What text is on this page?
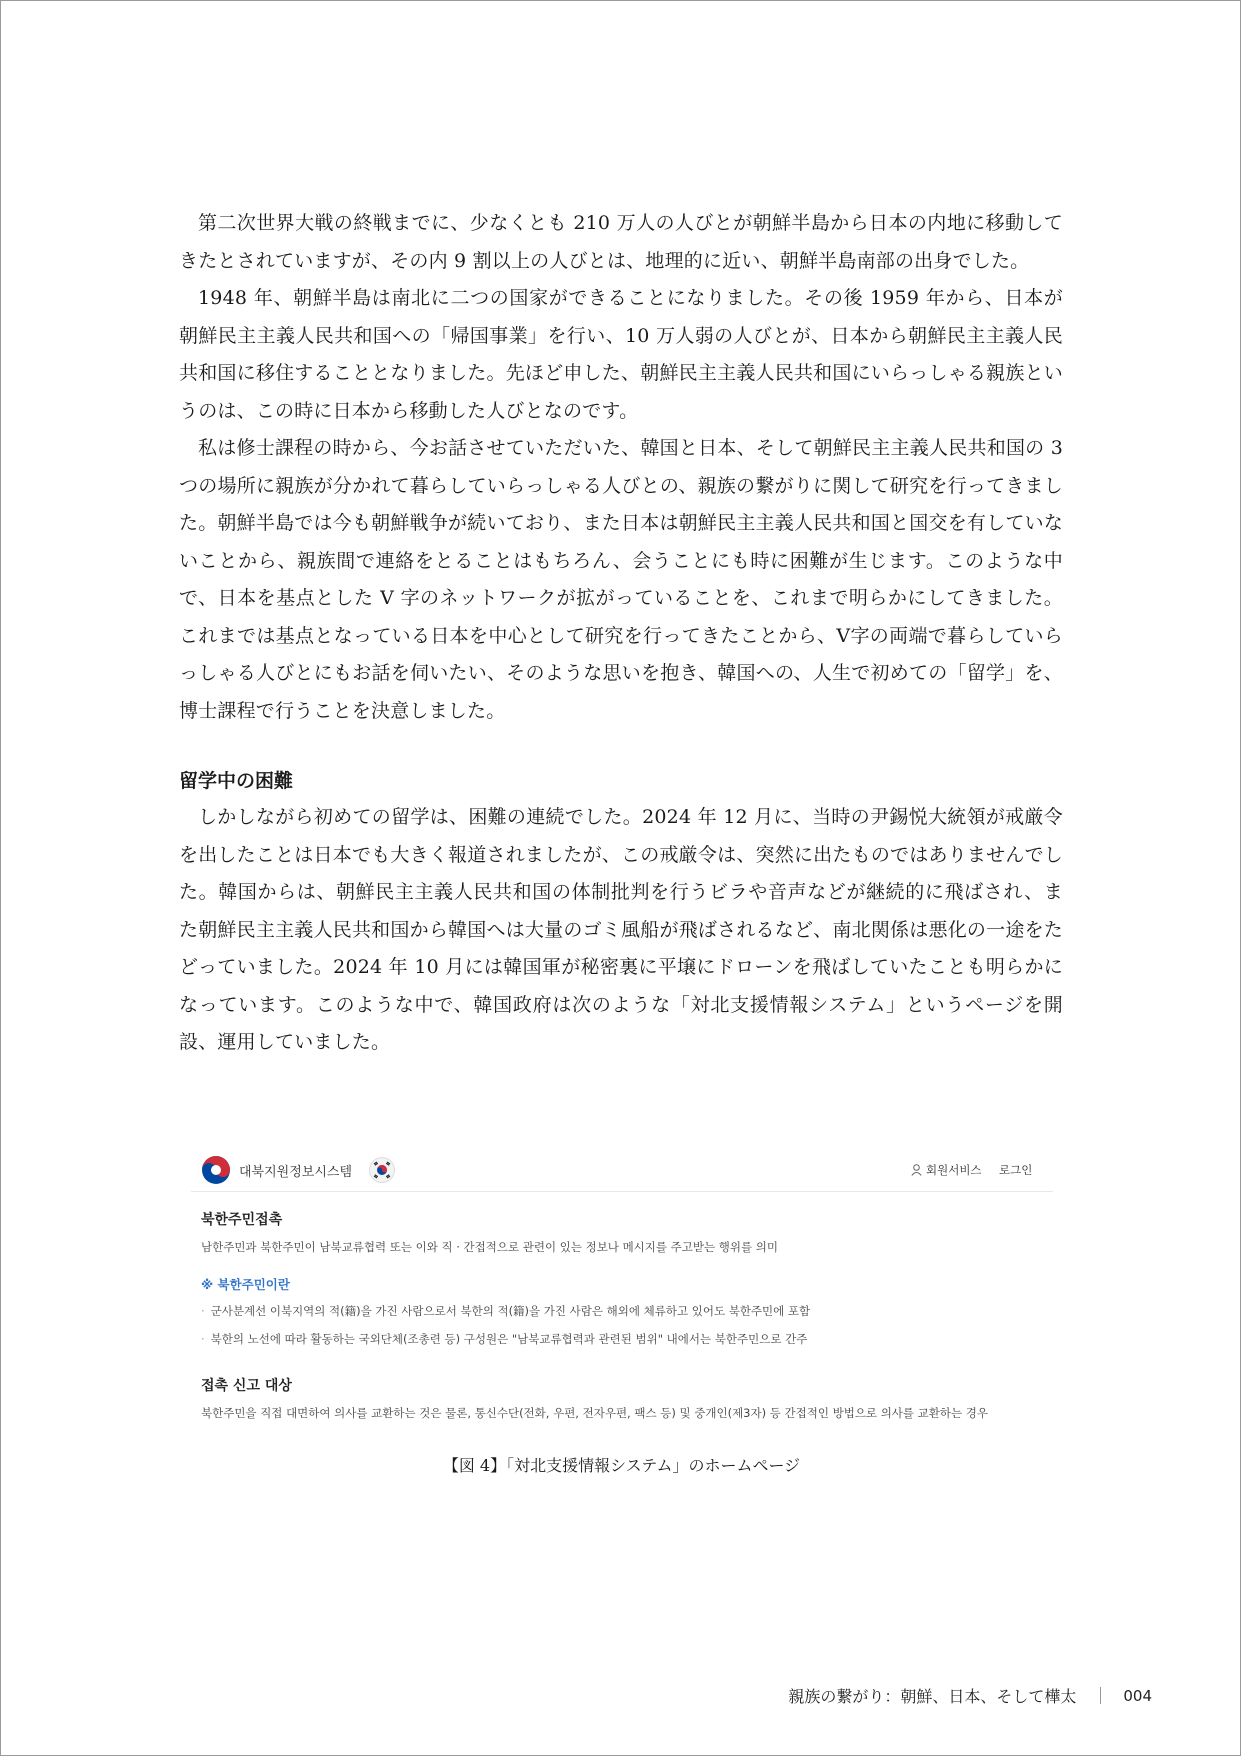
第二次世界大戦の終戦までに、少なくとも 210 万人の人びとが朝鮮半島から日本の内地に移動してきたとされていますが、その内 9 割以上の人びとは、地理的に近い、朝鮮半島南部の出身でした。

1948 年、朝鮮半島は南北に二つの国家ができることになりました。その後 1959 年から、日本が朝鮮民主主義人民共和国への「帰国事業」を行い、10 万人弱の人びとが、日本から朝鮮民主主義人民共和国に移住することとなりました。先ほど申した、朝鮮民主主義人民共和国にいらっしゃる親族というのは、この時に日本から移動した人びとなのです。

私は修士課程の時から、今お話させていただいた、韓国と日本、そして朝鮮民主主義人民共和国の 3 つの場所に親族が分かれて暮らしていらっしゃる人びとの、親族の繋がりに関して研究を行ってきました。朝鮮半島では今も朝鮮戦争が続いており、また日本は朝鮮民主主義人民共和国と国交を有していないことから、親族間で連絡をとることはもちろん、会うことにも時に困難が生じます。このような中で、日本を基点とした V 字のネットワークが拡がっていることを、これまで明らかにしてきました。これまでは基点となっている日本を中心として研究を行ってきたことから、V字の両端で暮らしていらっしゃる人びとにもお話を伺いたい、そのような思いを抱き、韓国への、人生で初めての「留学」を、博士課程で行うことを決意しました。

留学中の困難

しかしながら初めての留学は、困難の連続でした。2024 年 12 月に、当時の尹錫悦大統領が戒厳令を出したことは日本でも大きく報道されましたが、この戒厳令は、突然に出たものではありませんでした。韓国からは、朝鮮民主主義人民共和国の体制批判を行うビラや音声などが継続的に飛ばされ、また朝鮮民主主義人民共和国から韓国へは大量のゴミ風船が飛ばされるなど、南北関係は悪化の一途をたどっていました。2024 年 10 月には韓国軍が秘密裏に平壌にドローンを飛ばしていたことも明らかになっています。このような中で、韓国政府は次のような「対北支援情報システム」というページを開設、運用していました。

대북지원정보시스템	회원서비스 로그인
북한주민접촉
남한주민과 북한주민이 남북교류협력 또는 이와 직 · 간접적으로 관련이 있는 정보나 메시지를 주고받는 행위를 의미
※ 북한주민이란
· 군사분계선 이북지역의 적(籍)을 가진 사람으로서 북한의 적(籍)을 가진 사람은 해외에 체류하고 있어도 북한주민에 포함
· 북한의 노선에 따라 활동하는 국외단체(조총련 등) 구성원은 "남북교류협력과 관련된 범위" 내에서는 북한주민으로 간주
접촉 신고 대상
북한주민을 직접 대면하여 의사를 교환하는 것은 물론, 통신수단(전화, 우편, 전자우편, 팩스 등) 및 중개인(제3자) 등 간접적인 방법으로 의사를 교환하는 경우
【図 4】「対北支援情報システム」のホームページ
親族の繋がり：朝鮮、日本、そして樺太	004
